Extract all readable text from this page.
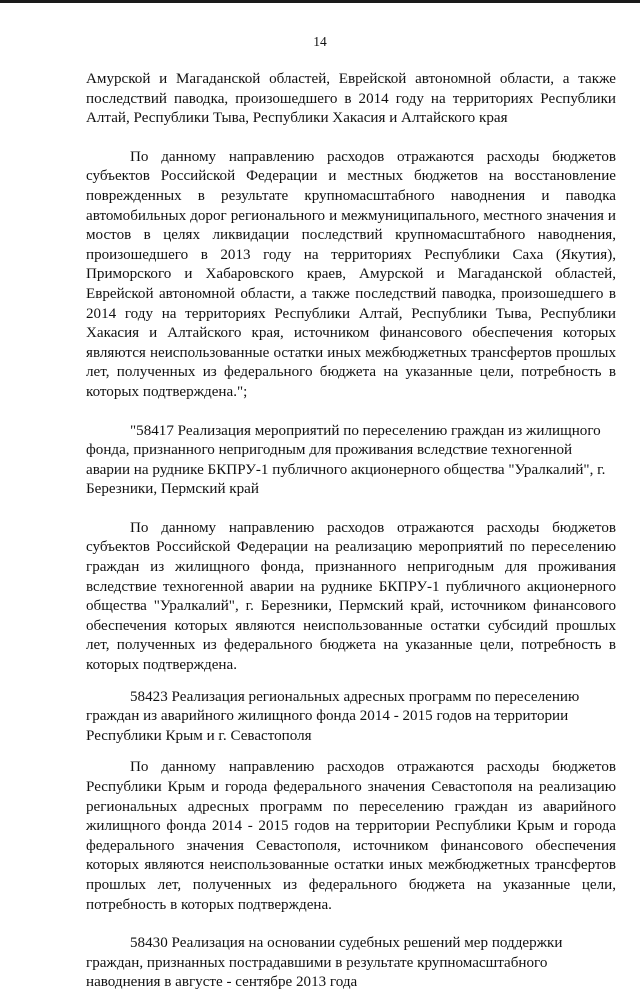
14

Амурской и Магаданской областей, Еврейской автономной области, а также последствий паводка, произошедшего в 2014 году на территориях Республики Алтай, Республики Тыва, Республики Хакасия и Алтайского края

По данному направлению расходов отражаются расходы бюджетов субъектов Российской Федерации и местных бюджетов на восстановление поврежденных в результате крупномасштабного наводнения и паводка автомобильных дорог регионального и межмуниципального, местного значения и мостов в целях ликвидации последствий крупномасштабного наводнения, произошедшего в 2013 году на территориях Республики Саха (Якутия), Приморского и Хабаровского краев, Амурской и Магаданской областей, Еврейской автономной области, а также последствий паводка, произошедшего в 2014 году на территориях Республики Алтай, Республики Тыва, Республики Хакасия и Алтайского края, источником финансового обеспечения которых являются неиспользованные остатки иных межбюджетных трансфертов прошлых лет, полученных из федерального бюджета на указанные цели, потребность в которых подтверждена.";

"58417 Реализация мероприятий по переселению граждан из жилищного фонда, признанного непригодным для проживания вследствие техногенной аварии на руднике БКПРУ-1 публичного акционерного общества "Уралкалий", г. Березники, Пермский край

По данному направлению расходов отражаются расходы бюджетов субъектов Российской Федерации на реализацию мероприятий по переселению граждан из жилищного фонда, признанного непригодным для проживания вследствие техногенной аварии на руднике БКПРУ-1 публичного акционерного общества "Уралкалий", г. Березники, Пермский край, источником финансового обеспечения которых являются неиспользованные остатки субсидий прошлых лет, полученных из федерального бюджета на указанные цели, потребность в которых подтверждена.

58423 Реализация региональных адресных программ по переселению граждан из аварийного жилищного фонда 2014 - 2015 годов на территории Республики Крым и г. Севастополя

По данному направлению расходов отражаются расходы бюджетов Республики Крым и города федерального значения Севастополя на реализацию региональных адресных программ по переселению граждан из аварийного жилищного фонда 2014 - 2015 годов на территории Республики Крым и города федерального значения Севастополя, источником финансового обеспечения которых являются неиспользованные остатки иных межбюджетных трансфертов прошлых лет, полученных из федерального бюджета на указанные цели, потребность в которых подтверждена.

58430 Реализация на основании судебных решений мер поддержки граждан, признанных пострадавшими в результате крупномасштабного наводнения в августе - сентябре 2013 года
